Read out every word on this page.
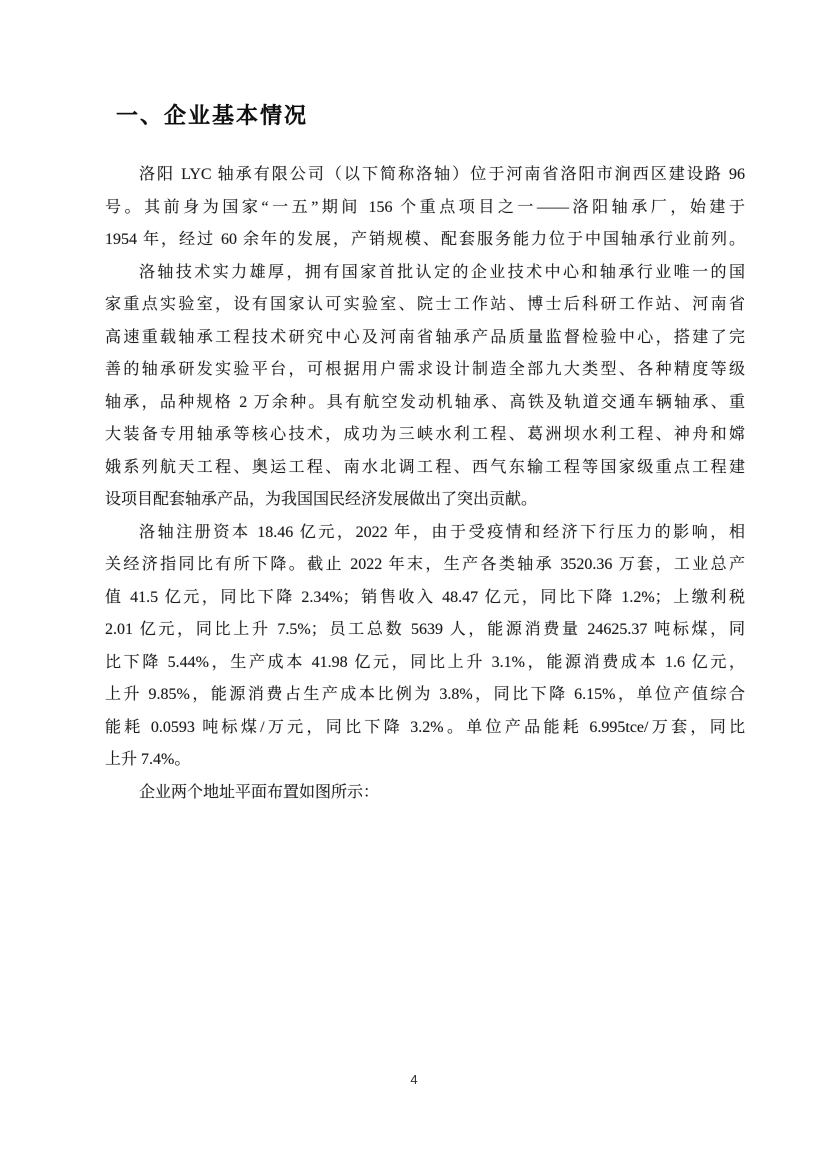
一、企业基本情况
洛阳 LYC 轴承有限公司（以下简称洛轴）位于河南省洛阳市涧西区建设路 96
号。其前身为国家“一五”期间 156 个重点项目之一——洛阳轴承厂，始建于
1954 年，经过 60 余年的发展，产销规模、配套服务能力位于中国轴承行业前列。
洛轴技术实力雄厚，拥有国家首批认定的企业技术中心和轴承行业唯一的国
家重点实验室，设有国家认可实验室、院士工作站、博士后科研工作站、河南省
高速重载轴承工程技术研究中心及河南省轴承产品质量监督检验中心，搭建了完
善的轴承研发实验平台，可根据用户需求设计制造全部九大类型、各种精度等级
轴承，品种规格 2 万余种。具有航空发动机轴承、高铁及轨道交通车辆轴承、重
大装备专用轴承等核心技术，成功为三峡水利工程、葛洲坝水利工程、神舟和嫦
娥系列航天工程、奥运工程、南水北调工程、西气东输工程等国家级重点工程建
设项目配套轴承产品，为我国国民经济发展做出了突出贡献。
洛轴注册资本 18.46 亿元，2022 年，由于受疫情和经济下行压力的影响，相
关经济指同比有所下降。截止 2022 年末，生产各类轴承 3520.36 万套，工业总产
值 41.5 亿元，同比下降 2.34%；销售收入 48.47 亿元，同比下降 1.2%；上缴利税
2.01 亿元，同比上升 7.5%；员工总数 5639 人，能源消费量 24625.37 吨标煤，同
比下降 5.44%，生产成本 41.98 亿元，同比上升 3.1%，能源消费成本 1.6 亿元，
上升 9.85%，能源消费占生产成本比例为 3.8%，同比下降 6.15%，单位产值综合
能耗 0.0593 吨标煤/万元，同比下降 3.2%。单位产品能耗 6.995tce/万套，同比
上升 7.4%。
企业两个地址平面布置如图所示：
4
